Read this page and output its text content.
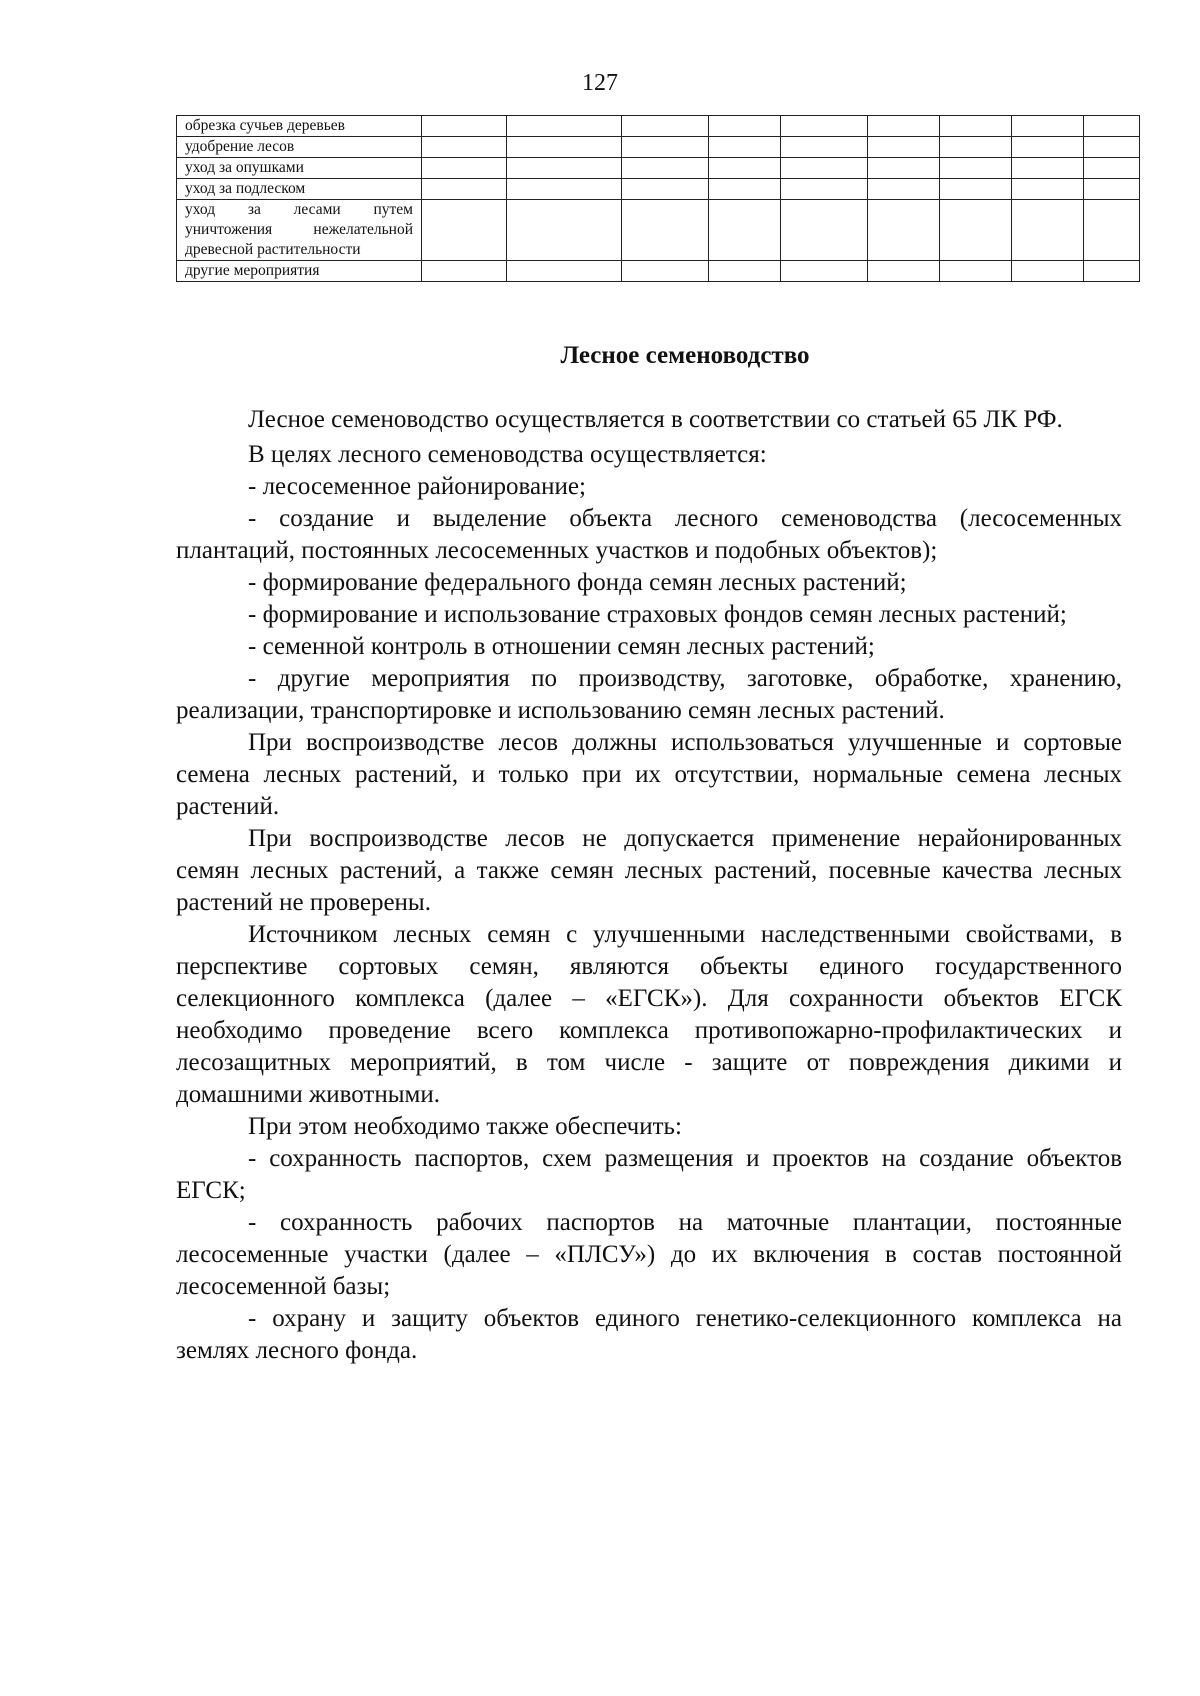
127
обрезка сучьев деревьев									
удобрение лесов									
уход за опушками									
уход за подлеском									
уход за лесами путем уничтожения нежелательной древесной растительности									
другие мероприятия									
Лесное семеноводство

Лесное семеноводство осуществляется в соответствии со статьей 65 ЛК РФ.

В целях лесного семеноводства осуществляется:

- лесосеменное районирование;

- создание и выделение объекта лесного семеноводства (лесосеменных плантаций, постоянных лесосеменных участков и подобных объектов);

- формирование федерального фонда семян лесных растений;

- формирование и использование страховых фондов семян лесных растений;

- семенной контроль в отношении семян лесных растений;

- другие мероприятия по производству, заготовке, обработке, хранению, реализации, транспортировке и использованию семян лесных растений.

При воспроизводстве лесов должны использоваться улучшенные и сортовые семена лесных растений, и только при их отсутствии, нормальные семена лесных растений.

При воспроизводстве лесов не допускается применение нерайонированных семян лесных растений, а также семян лесных растений, посевные качества лесных растений не проверены.

Источником лесных семян с улучшенными наследственными свойствами, в перспективе сортовых семян, являются объекты единого государственного селекционного комплекса (далее – «ЕГСК»). Для сохранности объектов ЕГСК необходимо проведение всего комплекса противопожарно-профилактических и лесозащитных мероприятий, в том числе - защите от повреждения дикими и домашними животными.

При этом необходимо также обеспечить:

- сохранность паспортов, схем размещения и проектов на создание объектов ЕГСК;

- сохранность рабочих паспортов на маточные плантации, постоянные лесосеменные участки (далее – «ПЛСУ») до их включения в состав постоянной лесосеменной базы;

- охрану и защиту объектов единого генетико-селекционного комплекса на землях лесного фонда.
